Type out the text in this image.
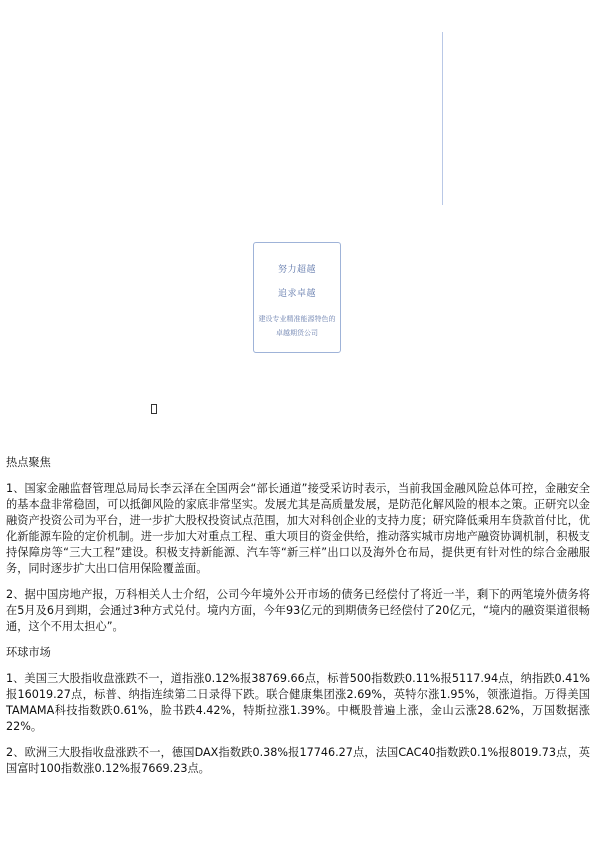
努力超越
追求卓越
建设专业精准能源特色的卓越期货公司
热点聚焦

1、国家金融监督管理总局局长李云泽在全国两会“部长通道”接受采访时表示，当前我国金融风险总体可控，金融安全的基本盘非常稳固，可以抵御风险的家底非常坚实。发展尤其是高质量发展，是防范化解风险的根本之策。正研究以金融资产投资公司为平台，进一步扩大股权投资试点范围，加大对科创企业的支持力度；研究降低乘用车贷款首付比，优化新能源车险的定价机制。进一步加大对重点工程、重大项目的资金供给，推动落实城市房地产融资协调机制，积极支持保障房等“三大工程”建设。积极支持新能源、汽车等“新三样”出口以及海外仓布局，提供更有针对性的综合金融服务，同时逐步扩大出口信用保险覆盖面。

2、据中国房地产报，万科相关人士介绍，公司今年境外公开市场的债务已经偿付了将近一半，剩下的两笔境外债务将在5月及6月到期，会通过3种方式兑付。境内方面，今年93亿元的到期债务已经偿付了20亿元，“境内的融资渠道很畅通，这个不用太担心”。

环球市场

1、美国三大股指收盘涨跌不一，道指涨0.12%报38769.66点，标普500指数跌0.11%报5117.94点，纳指跌0.41%报16019.27点，标普、纳指连续第二日录得下跌。联合健康集团涨2.69%，英特尔涨1.95%，领涨道指。万得美国TAMAMA科技指数跌0.61%，脸书跌4.42%，特斯拉涨1.39%。中概股普遍上涨，金山云涨28.62%，万国数据涨22%。

2、欧洲三大股指收盘涨跌不一，德国DAX指数跌0.38%报17746.27点，法国CAC40指数跌0.1%报8019.73点，英国富时100指数涨0.12%报7669.23点。
